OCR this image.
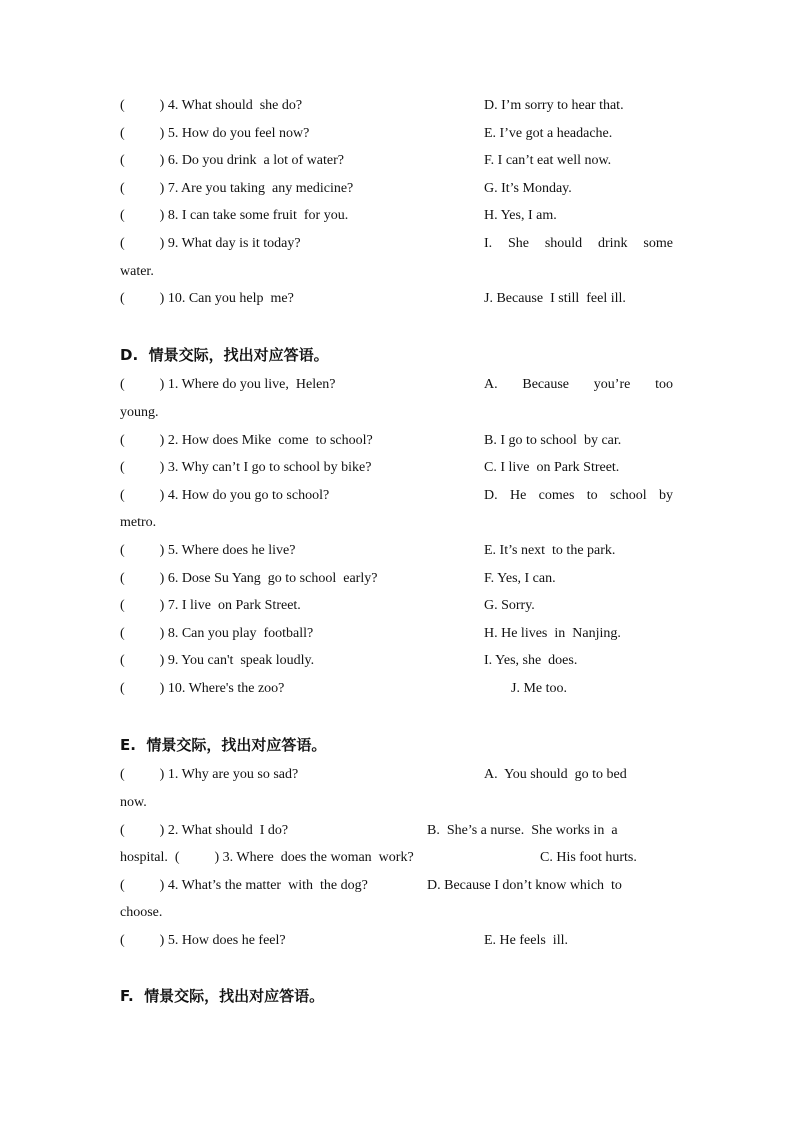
(          ) 4. What should  she do?	D. I’m sorry to hear that.
(          ) 5. How do you feel now?	E. I’ve got a headache.
(          ) 6. Do you drink  a lot of water?	F. I can’t eat well now.
(          ) 7. Are you taking  any medicine?	G. It’s Monday.
(          ) 8. I can take some fruit  for you.	H. Yes, I am.
(          ) 9. What day is it today?	I. She should drink some
water.
(          ) 10. Can you help  me?	J. Because  I still  feel ill.
D.  情景交际，找出对应答语。
(          ) 1. Where do you live,  Helen?	A. Because you’re too
young.
(          ) 2. How does Mike  come  to school?	B. I go to school  by car.
(          ) 3. Why can’t I go to school by bike?	C. I live  on Park Street.
(          ) 4. How do you go to school?	D. He comes to school by
metro.
(          ) 5. Where does he live?	E. It’s next  to the park.
(          ) 6. Dose Su Yang  go to school  early?	F. Yes, I can.
(          ) 7. I live  on Park Street.	G. Sorry.
(          ) 8. Can you play  football?	H. He lives  in  Nanjing.
(          ) 9. You can't  speak loudly.	I. Yes, she  does.
(          ) 10. Where's the zoo?	J. Me too.
E.  情景交际，找出对应答语。
(          ) 1. Why are you so sad?	A.  You should  go to bed
now.
(          ) 2. What should  I do?	B.  She’s a nurse.  She works in  a
hospital.  (          ) 3. Where  does the woman  work?	C. His foot hurts.
(          ) 4. What’s the matter  with  the dog?	D. Because I don’t know which  to
choose.
(          ) 5. How does he feel?	E. He feels  ill.
F.  情景交际，找出对应答语。
